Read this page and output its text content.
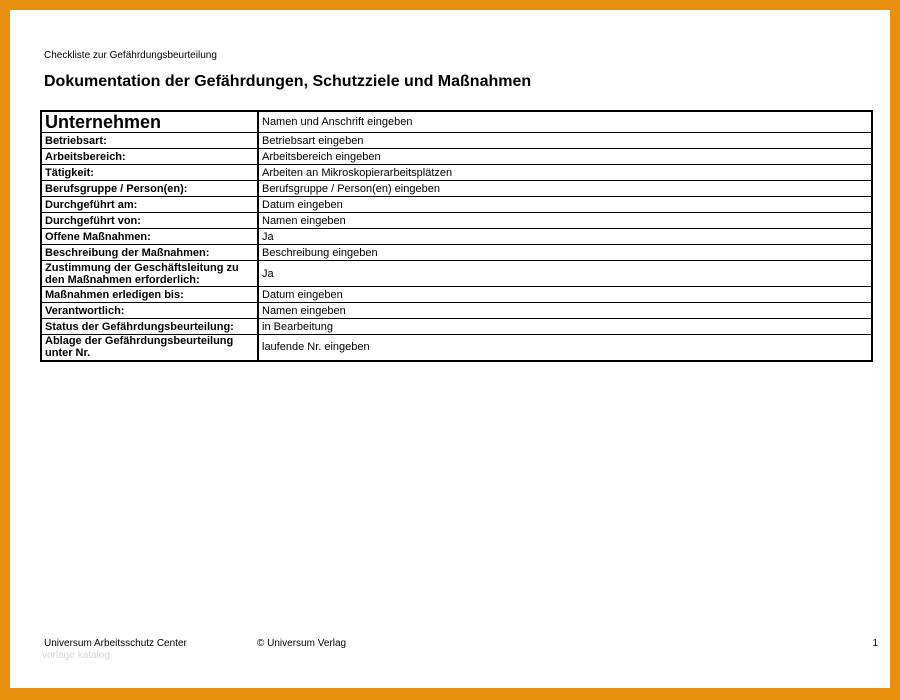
Checkliste zur Gefährdungsbeurteilung
Dokumentation der Gefährdungen, Schutzziele und Maßnahmen
Unternehmen	Namen und Anschrift eingeben
Betriebsart:	Betriebsart eingeben
Arbeitsbereich:	Arbeitsbereich eingeben
Tätigkeit:	Arbeiten an Mikroskopierarbeitsplätzen
Berufsgruppe / Person(en):	Berufsgruppe / Person(en) eingeben
Durchgeführt am:	Datum eingeben
Durchgeführt von:	Namen eingeben
Offene Maßnahmen:	Ja
Beschreibung der Maßnahmen:	Beschreibung eingeben
Zustimmung der Geschäftsleitung zu den Maßnahmen erforderlich:	Ja
Maßnahmen erledigen bis:	Datum eingeben
Verantwortlich:	Namen eingeben
Status der Gefährdungsbeurteilung:	in Bearbeitung
Ablage der Gefährdungsbeurteilung unter Nr.	laufende Nr. eingeben
Universum Arbeitsschutz Center	© Universum Verlag	1
vorlage katalog
